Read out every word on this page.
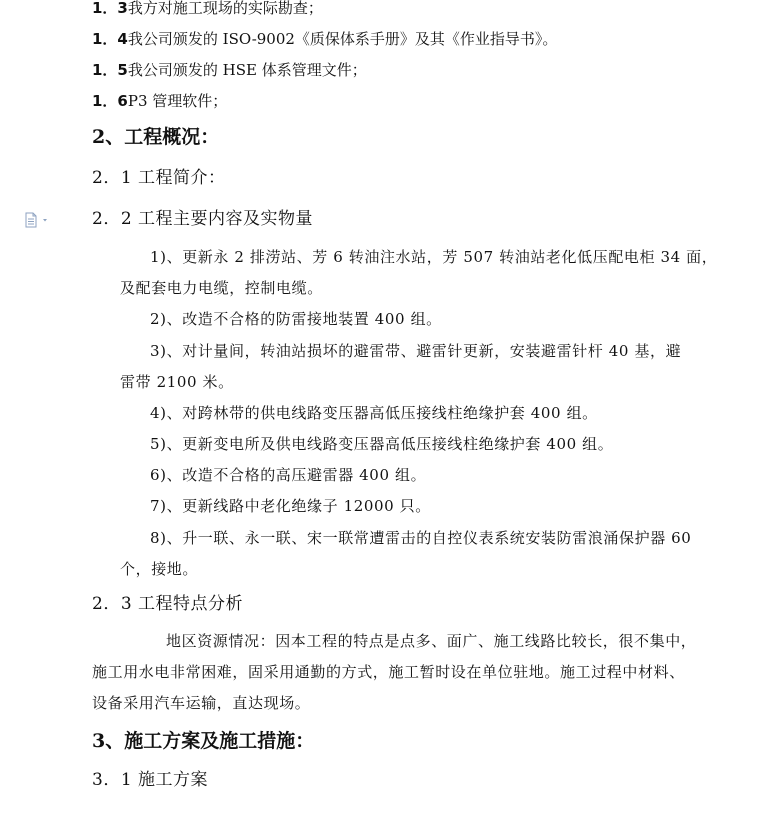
1．3我方对施工现场的实际勘查；
1．4我公司颁发的 ISO-9002《质保体系手册》及其《作业指导书》。
1．5我公司颁发的 HSE 体系管理文件；
1．6P3 管理软件；
2、工程概况：
2．1 工程简介：
2．2 工程主要内容及实物量
1)、更新永 2 排涝站、芳 6 转油注水站，芳 507 转油站老化低压配电柜 34 面，
及配套电力电缆，控制电缆。
2)、改造不合格的防雷接地装置 400 组。
3)、对计量间，转油站损坏的避雷带、避雷针更新，安装避雷针杆 40 基，避
雷带 2100 米。
4)、对跨林带的供电线路变压器高低压接线柱绝缘护套 400 组。
5)、更新变电所及供电线路变压器高低压接线柱绝缘护套 400 组。
6)、改造不合格的高压避雷器 400 组。
7)、更新线路中老化绝缘子 12000 只。
8)、升一联、永一联、宋一联常遭雷击的自控仪表系统安装防雷浪涌保护器 60
个，接地。
2．3 工程特点分析
地区资源情况：因本工程的特点是点多、面广、施工线路比较长，很不集中，
施工用水电非常困难，固采用通勤的方式，施工暂时设在单位驻地。施工过程中材料、
设备采用汽车运输，直达现场。
3、施工方案及施工措施：
3．1 施工方案
